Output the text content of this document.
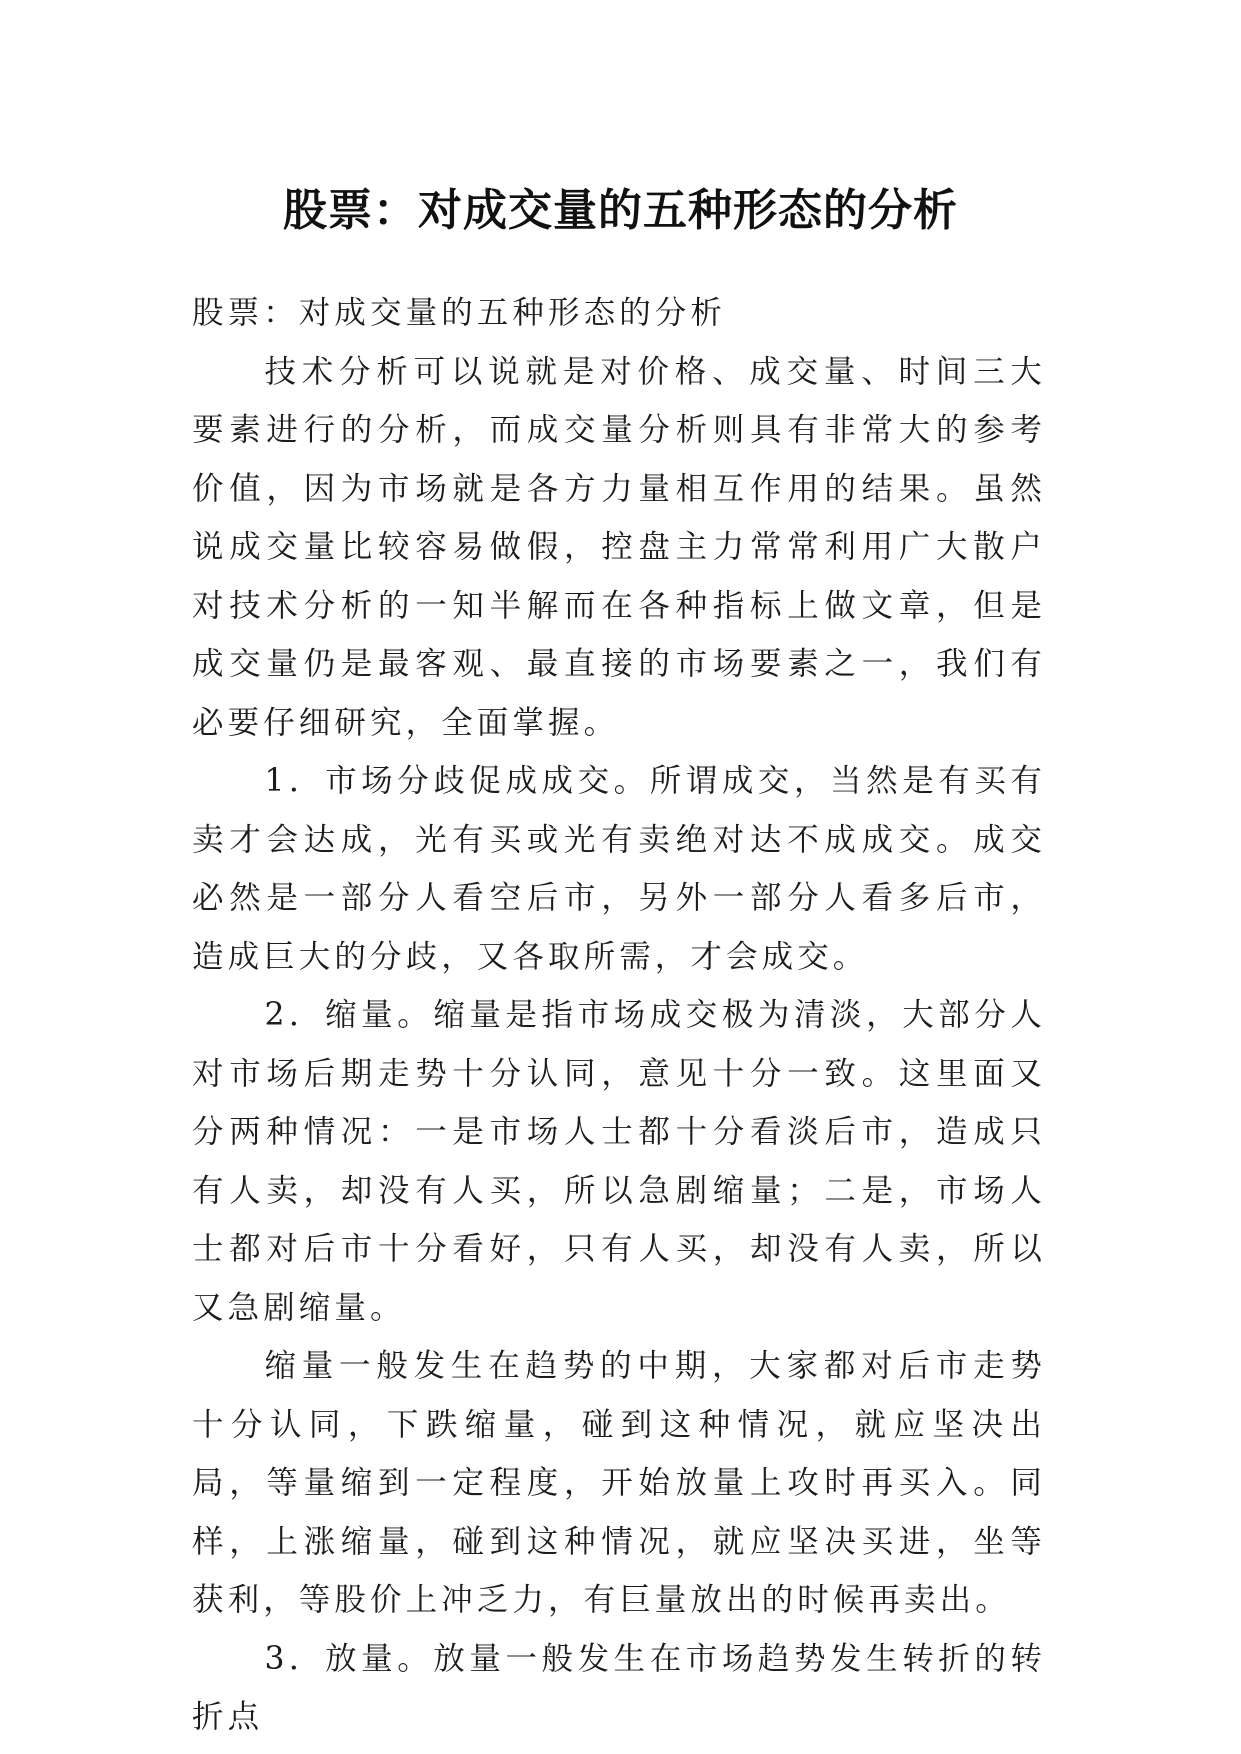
股票：对成交量的五种形态的分析

股票：对成交量的五种形态的分析

技术分析可以说就是对价格、成交量、时间三大要素进行的分析，而成交量分析则具有非常大的参考价值，因为市场就是各方力量相互作用的结果。虽然说成交量比较容易做假，控盘主力常常利用广大散户对技术分析的一知半解而在各种指标上做文章，但是成交量仍是最客观、最直接的市场要素之一，我们有必要仔细研究，全面掌握。

1．市场分歧促成成交。所谓成交，当然是有买有卖才会达成，光有买或光有卖绝对达不成成交。成交必然是一部分人看空后市，另外一部分人看多后市，造成巨大的分歧，又各取所需，才会成交。

2．缩量。缩量是指市场成交极为清淡，大部分人对市场后期走势十分认同，意见十分一致。这里面又分两种情况：一是市场人士都十分看淡后市，造成只有人卖，却没有人买，所以急剧缩量；二是，市场人士都对后市十分看好，只有人买，却没有人卖，所以又急剧缩量。

缩量一般发生在趋势的中期，大家都对后市走势十分认同，下跌缩量，碰到这种情况，就应坚决出局，等量缩到一定程度，开始放量上攻时再买入。同样，上涨缩量，碰到这种情况，就应坚决买进，坐等获利，等股价上冲乏力，有巨量放出的时候再卖出。

3．放量。放量一般发生在市场趋势发生转折的转折点
